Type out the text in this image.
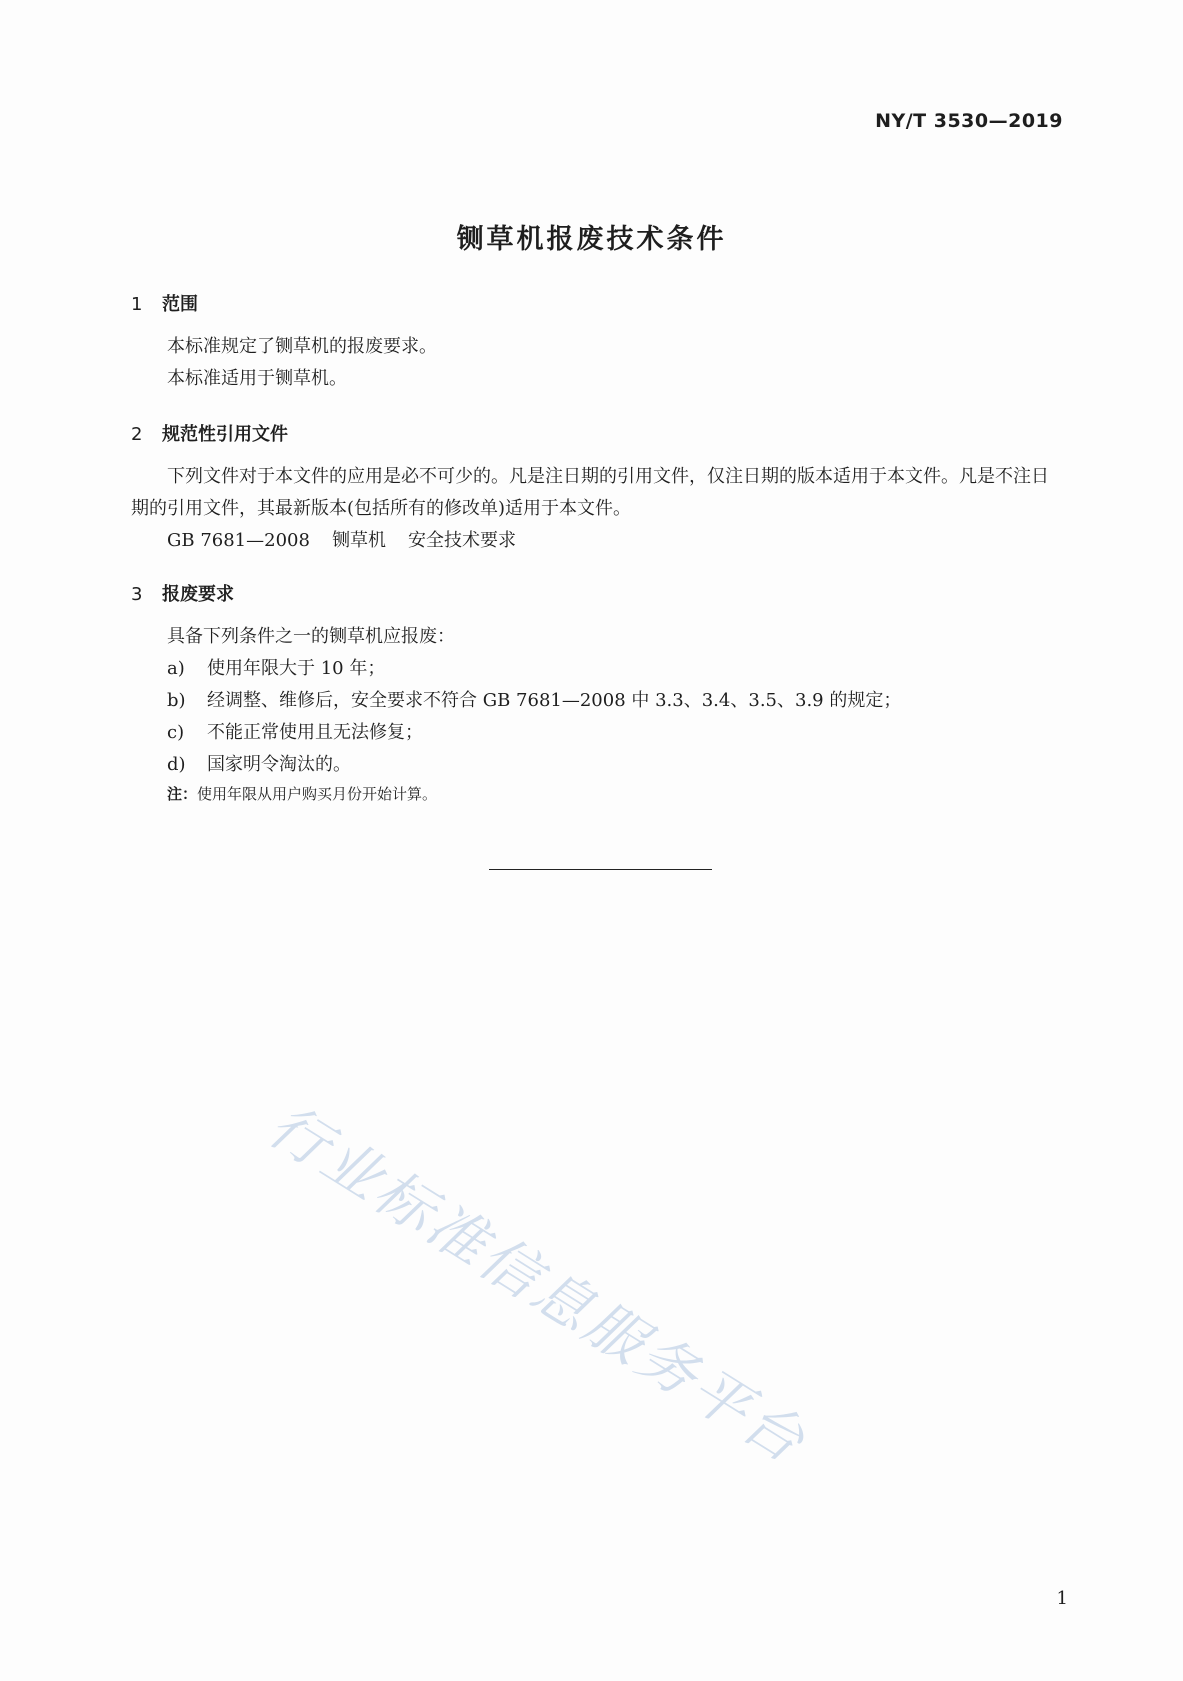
NY/T 3530—2019
铡草机报废技术条件
1 范围

本标准规定了铡草机的报废要求。

本标准适用于铡草机。

2 规范性引用文件

下列文件对于本文件的应用是必不可少的。凡是注日期的引用文件，仅注日期的版本适用于本文件。凡是不注日期的引用文件，其最新版本(包括所有的修改单)适用于本文件。

GB 7681—2008 铡草机 安全技术要求
3 报废要求

具备下列条件之一的铡草机应报废：

a) 使用年限大于 10 年；
b) 经调整、维修后，安全要求不符合 GB 7681—2008 中 3.3、3.4、3.5、3.9 的规定；
c) 不能正常使用且无法修复；
d) 国家明令淘汰的。
注：使用年限从用户购买月份开始计算。
行业标准信息服务平台
1
